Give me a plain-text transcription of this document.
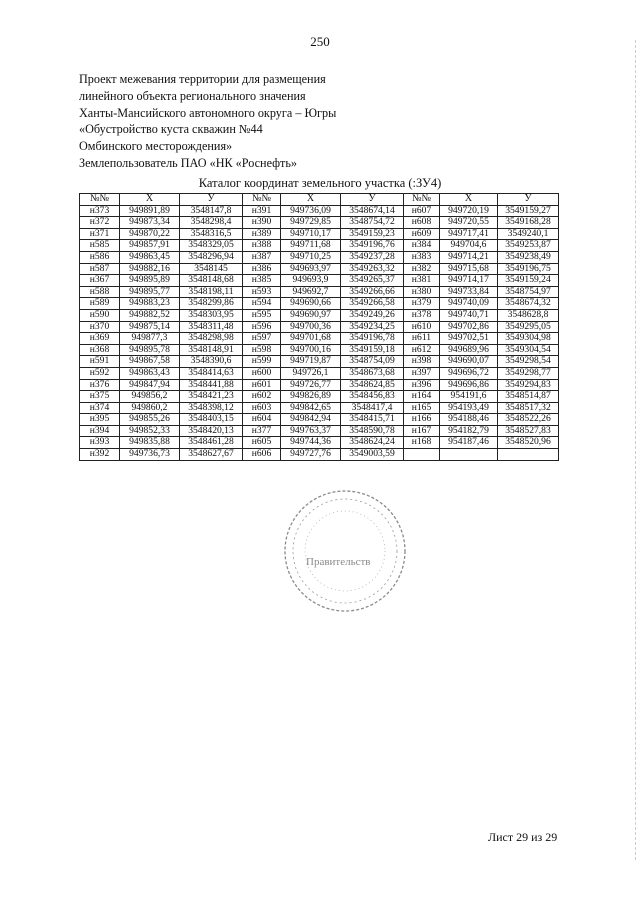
250
Проект межевания территории для размещения
линейного объекта регионального значения
Ханты-Мансийского автономного округа – Югры
«Обустройство куста скважин №44
Омбинского месторождения»
Землепользователь ПАО «НК «Роснефть»
Каталог координат земельного участка (:ЗУ4)
№№	X	У	№№	X	У	№№	X	У
н373	949891,89	3548147,8	н391	949736,09	3548674,14	н607	949720,19	3549159,27
н372	949873,34	3548298,4	н390	949729,85	3548754,72	н608	949720,55	3549168,28
н371	949870,22	3548316,5	н389	949710,17	3549159,23	н609	949717,41	3549240,1
н585	949857,91	3548329,05	н388	949711,68	3549196,76	н384	949704,6	3549253,87
н586	949863,45	3548296,94	н387	949710,25	3549237,28	н383	949714,21	3549238,49
н587	949882,16	3548145	н386	949693,97	3549263,32	н382	949715,68	3549196,75
н367	949895,89	3548148,68	н385	949693,9	3549265,37	н381	949714,17	3549159,24
н588	949895,77	3548198,11	н593	949692,7	3549266,66	н380	949733,84	3548754,97
н589	949883,23	3548299,86	н594	949690,66	3549266,58	н379	949740,09	3548674,32
н590	949882,52	3548303,95	н595	949690,97	3549249,26	н378	949740,71	3548628,8
н370	949875,14	3548311,48	н596	949700,36	3549234,25	н610	949702,86	3549295,05
н369	949877,3	3548298,98	н597	949701,68	3549196,78	н611	949702,51	3549304,98
н368	949895,78	3548148,91	н598	949700,16	3549159,18	н612	949689,96	3549304,54
н591	949867,58	3548390,6	н599	949719,87	3548754,09	н398	949690,07	3549298,54
н592	949863,43	3548414,63	н600	949726,1	3548673,68	н397	949696,72	3549298,77
н376	949847,94	3548441,88	н601	949726,77	3548624,85	н396	949696,86	3549294,83
н375	949856,2	3548421,23	н602	949826,89	3548456,83	н164	954191,6	3548514,87
н374	949860,2	3548398,12	н603	949842,65	3548417,4	н165	954193,49	3548517,32
н395	949855,26	3548403,15	н604	949842,94	3548415,71	н166	954188,46	3548522,26
н394	949852,33	3548420,13	н377	949763,37	3548590,78	н167	954182,79	3548527,83
н393	949835,88	3548461,28	н605	949744,36	3548624,24	н168	954187,46	3548520,96
н392	949736,73	3548627,67	н606	949727,76	3549003,59			
Правительств
Лист 29 из 29
